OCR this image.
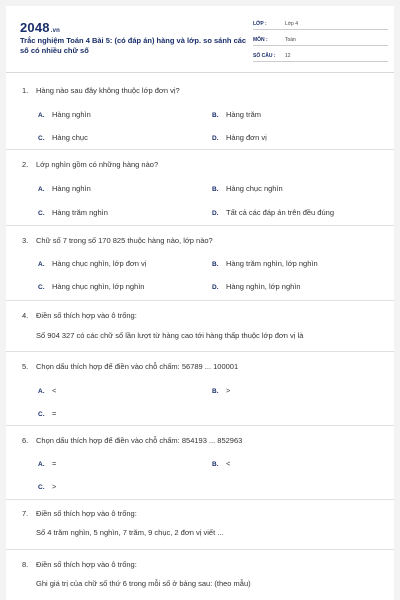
2048.vn
Trắc nghiệm Toán 4 Bài 5: (có đáp án) hàng và lớp. so sánh các số có nhiều chữ số
LỚP :	Lớp 4
MÔN :	Toán
SỐ CÂU :	12
1. Hàng nào sau đây không thuộc lớp đơn vị?
A. Hàng nghìn	B. Hàng trăm
C. Hàng chục	D. Hàng đơn vị
2. Lớp nghìn gồm có những hàng nào?
A. Hàng nghìn	B. Hàng chục nghìn
C. Hàng trăm nghìn	D. Tất cả các đáp án trên đều đúng
3. Chữ số 7 trong số 170 825 thuộc hàng nào, lớp nào?
A. Hàng chục nghìn, lớp đơn vị	B. Hàng trăm nghìn, lớp nghìn
C. Hàng chục nghìn, lớp nghìn	D. Hàng nghìn, lớp nghìn
4. Điền số thích hợp vào ô trống:
Số 904 327 có các chữ số lần lượt từ hàng cao tới hàng thấp thuộc lớp đơn vị là
5. Chọn dấu thích hợp để điền vào chỗ chấm: 56789 ... 100001
A. <	B. >
C. =
6. Chọn dấu thích hợp để điền vào chỗ chấm: 854193 ... 852963
A. =	B. <
C. >
7. Điền số thích hợp vào ô trống:
Số 4 trăm nghìn, 5 nghìn, 7 trăm, 9 chục, 2 đơn vị viết ...
8. Điền số thích hợp vào ô trống:
Ghi giá trị của chữ số thứ 6 trong mỗi số ở bảng sau: (theo mẫu)
